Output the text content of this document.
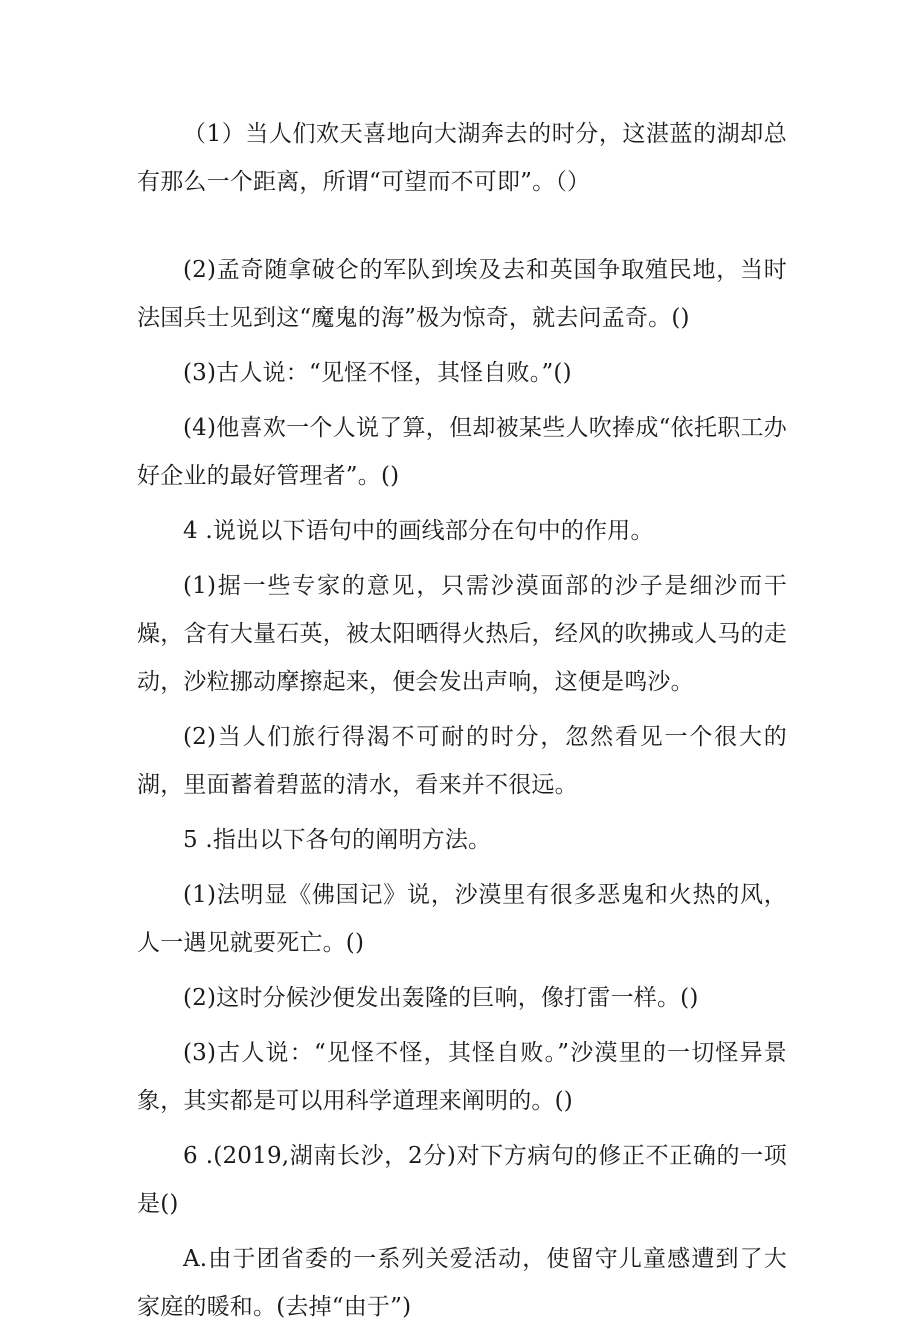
（1）当人们欢天喜地向大湖奔去的时分，这湛蓝的湖却总有那么一个距离，所谓“可望而不可即”。（）

(2)孟奇随拿破仑的军队到埃及去和英国争取殖民地，当时法国兵士见到这“魔鬼的海”极为惊奇，就去问孟奇。()

(3)古人说：“见怪不怪，其怪自败。”()

(4)他喜欢一个人说了算，但却被某些人吹捧成“依托职工办好企业的最好管理者”。()

4 .说说以下语句中的画线部分在句中的作用。

(1)据一些专家的意见，只需沙漠面部的沙子是细沙而干燥，含有大量石英，被太阳晒得火热后，经风的吹拂或人马的走动，沙粒挪动摩擦起来，便会发出声响，这便是鸣沙。

(2)当人们旅行得渴不可耐的时分，忽然看见一个很大的湖，里面蓄着碧蓝的清水，看来并不很远。

5 .指出以下各句的阐明方法。

(1)法明显《佛国记》说，沙漠里有很多恶鬼和火热的风，人一遇见就要死亡。()

(2)这时分候沙便发出轰隆的巨响，像打雷一样。()

(3)古人说：“见怪不怪，其怪自败。”沙漠里的一切怪异景象，其实都是可以用科学道理来阐明的。()

6 .(2019,湖南长沙，2分)对下方病句的修正不正确的一项是()

A.由于团省委的一系列关爱活动，使留守儿童感遭到了大家庭的暖和。(去掉“由于”)
